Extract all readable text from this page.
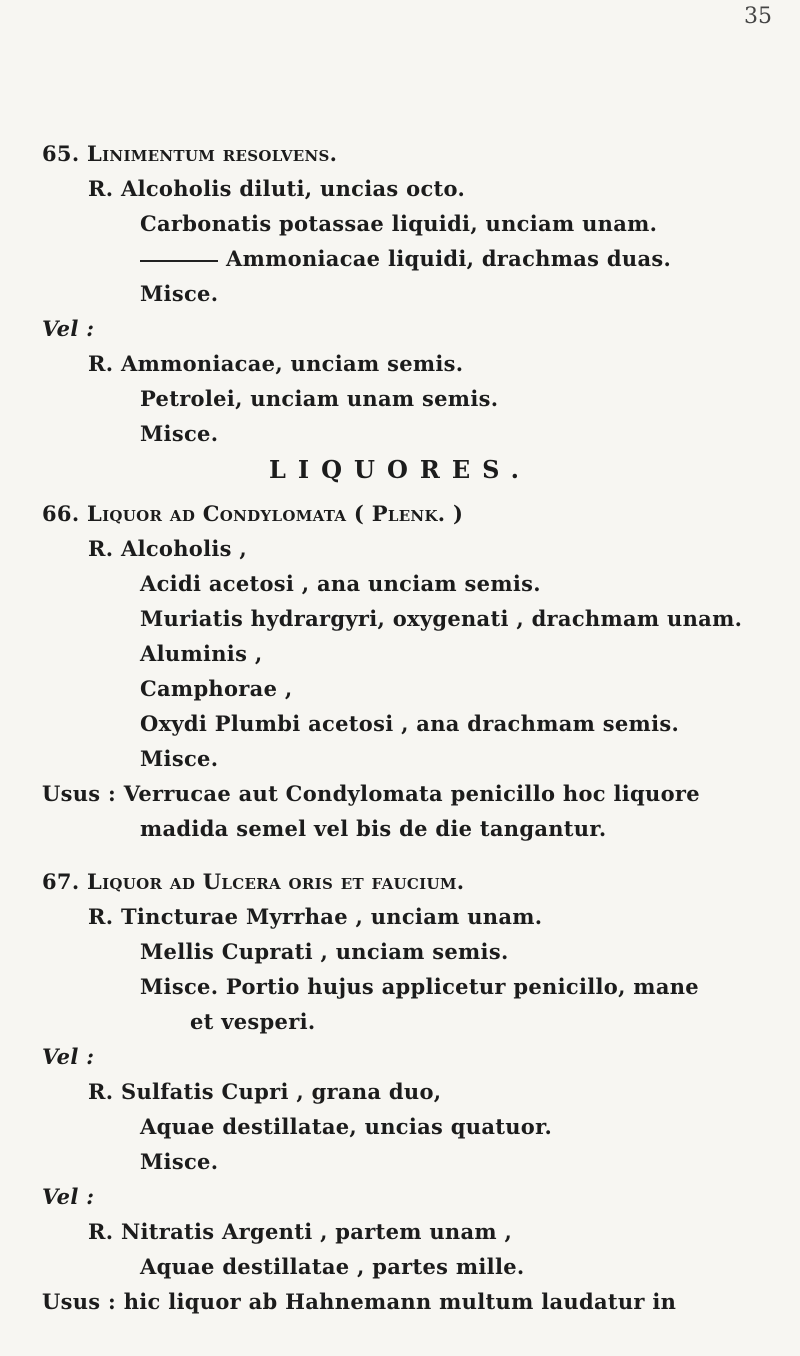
35
LIQUORES.
65. Linimentum resolvens.
R. Alcoholis diluti, uncias octo.
Carbonatis potassae liquidi, unciam unam.
Ammoniacae liquidi, drachmas duas.
Misce.
Vel :
R. Ammoniacae, unciam semis.
Petrolei, unciam unam semis.
Misce.
66. Liquor ad Condylomata ( Plenk. )
R. Alcoholis ,
Acidi acetosi , ana unciam semis.
Muriatis hydrargyri, oxygenati , drachmam unam.
Aluminis ,
Camphorae ,
Oxydi Plumbi acetosi , ana drachmam semis.
Misce.
Usus : Verrucae aut Condylomata penicillo hoc liquore
madida semel vel bis de die tangantur.
67. Liquor ad Ulcera oris et faucium.
R. Tincturae Myrrhae , unciam unam.
Mellis Cuprati , unciam semis.
Misce. Portio hujus applicetur penicillo, mane
et vesperi.
Vel :
R. Sulfatis Cupri , grana duo,
Aquae destillatae, uncias quatuor.
Misce.
Vel :
R. Nitratis Argenti , partem unam ,
Aquae destillatae , partes mille.
Usus : hic liquor ab Hahnemann multum laudatur in
